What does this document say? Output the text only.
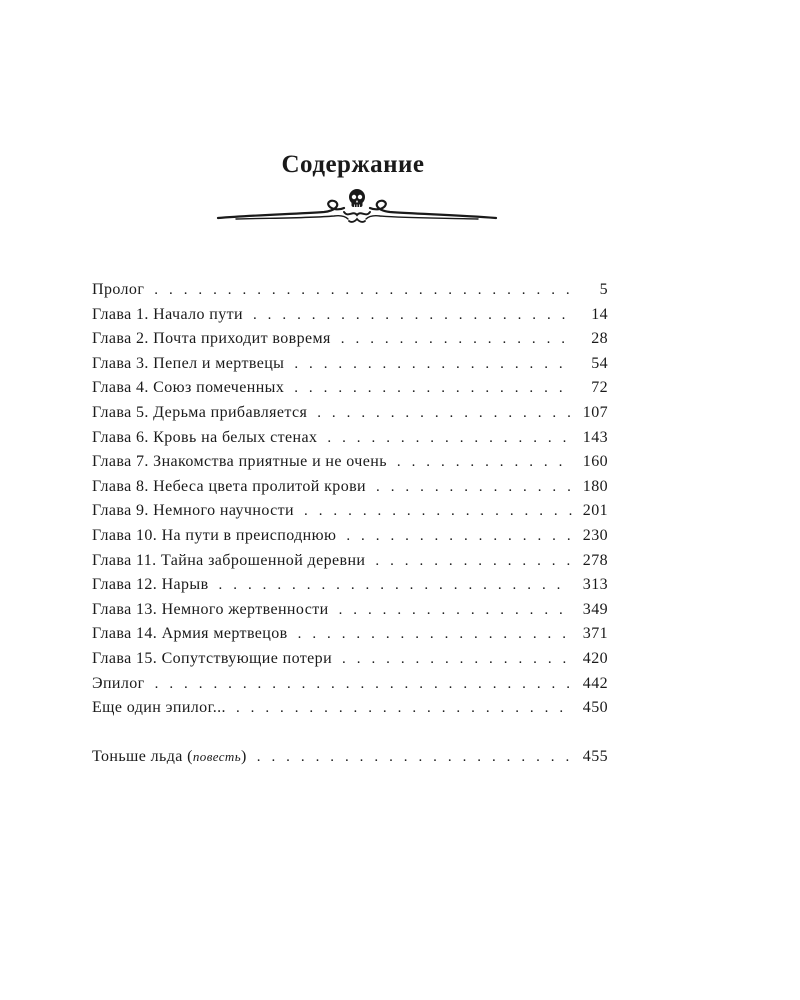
Содержание
Пролог . . .	5
Глава 1. Начало пути . . .	14
Глава 2. Почта приходит вовремя . . .	28
Глава 3. Пепел и мертвецы . . .	54
Глава 4. Союз помеченных . . .	72
Глава 5. Дерьма прибавляется . . .	107
Глава 6. Кровь на белых стенах . . .	143
Глава 7. Знакомства приятные и не очень . . .	160
Глава 8. Небеса цвета пролитой крови . . .	180
Глава 9. Немного научности . . .	201
Глава 10. На пути в преисподнюю . . .	230
Глава 11. Тайна заброшенной деревни . . .	278
Глава 12. Нарыв . . .	313
Глава 13. Немного жертвенности . . .	349
Глава 14. Армия мертвецов . . .	371
Глава 15. Сопутствующие потери . . .	420
Эпилог . . .	442
Еще один эпилог... . . .	450
Тоньше льда (повесть) . . .	455
